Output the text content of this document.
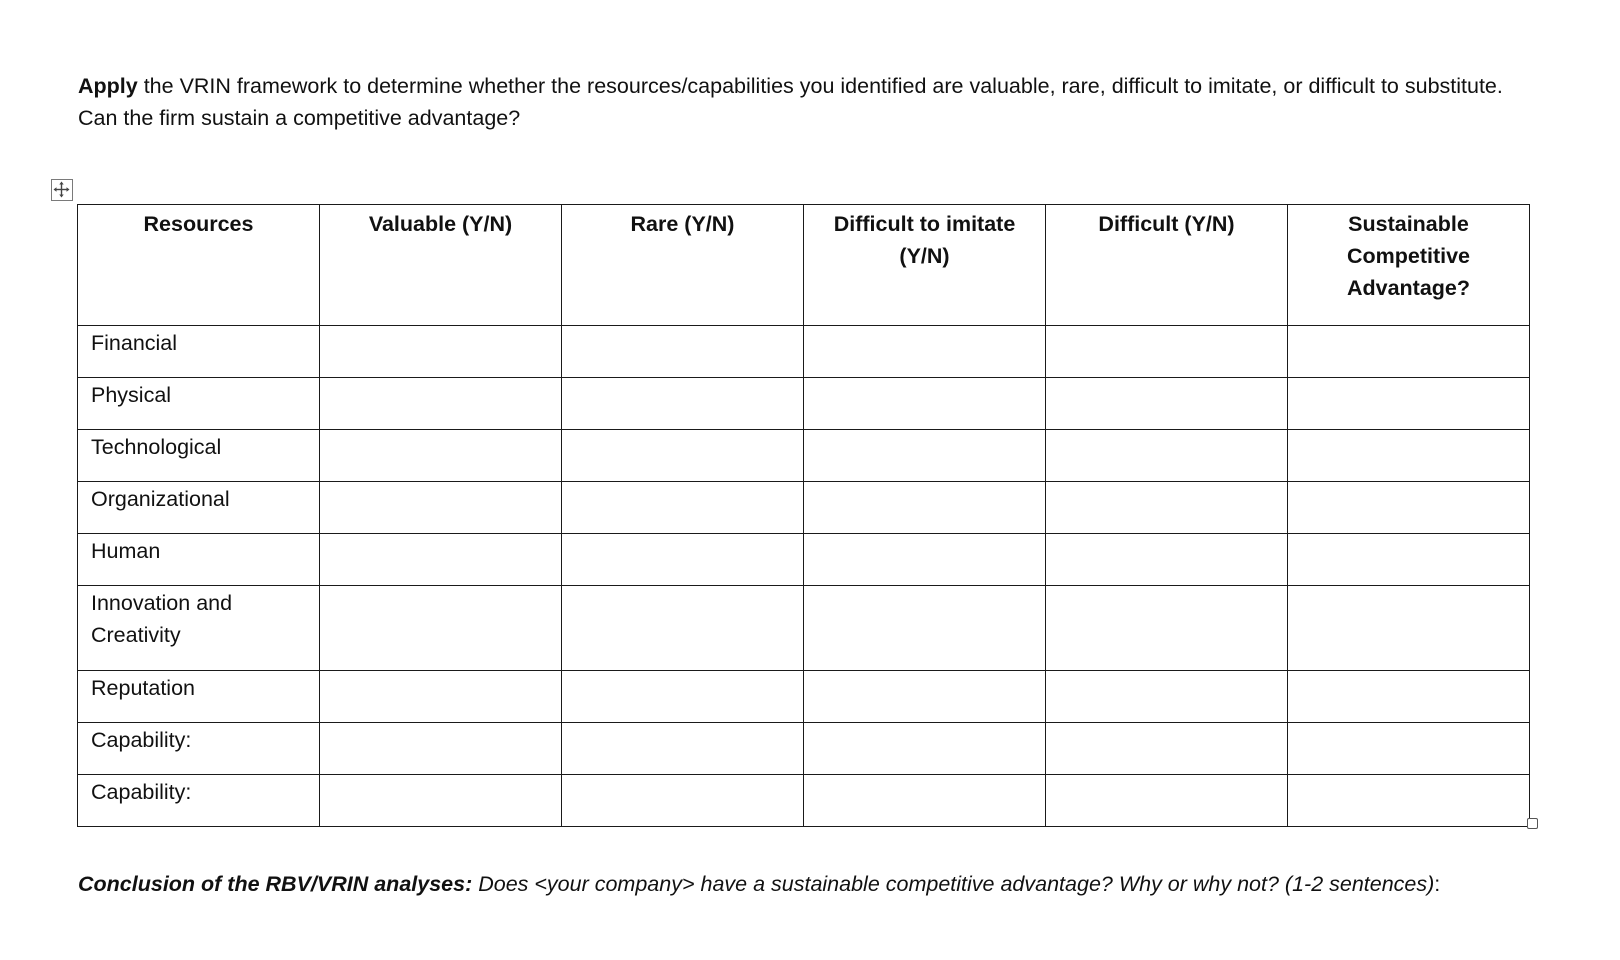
Apply the VRIN framework to determine whether the resources/capabilities you identified are valuable, rare, difficult to imitate, or difficult to substitute. Can the firm sustain a competitive advantage?
Resources	Valuable (Y/N)	Rare (Y/N)	Difficult to imitate (Y/N)	Difficult (Y/N)	Sustainable Competitive Advantage?

Financial					
Physical					
Technological					
Organizational					
Human					
Innovation and Creativity					
Reputation					
Capability:					
Capability:					
Conclusion of the RBV/VRIN analyses: Does <your company> have a sustainable competitive advantage? Why or why not? (1-2 sentences):
